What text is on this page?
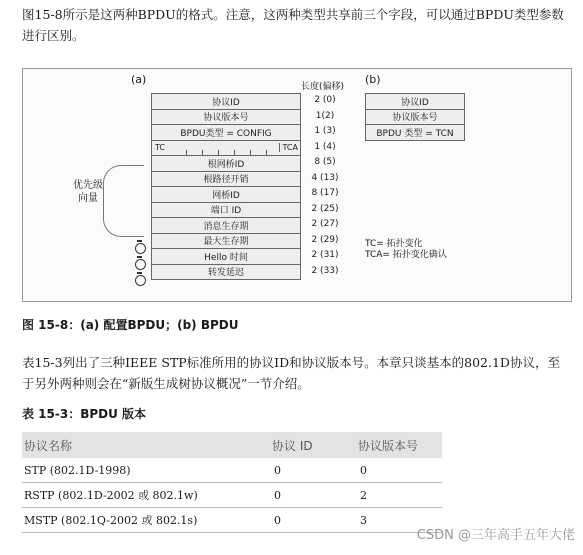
图15-8所示是这两种BPDU的格式。注意，这两种类型共享前三个字段，可以通过BPDU类型参数进行区别。

(a)	(b)
长度(偏移)
优先级
向量
协议ID	2 (0)
协议版本号	1(2)
BPDU类型 = CONFIG	1 (3)
TC	TCA	1 (4)
根网桥ID	8 (5)
根路径开销	4 (13)
网桥ID	8 (17)
端口 ID	2 (25)
消息生存期	2 (27)
最大生存期	2 (29)
Hello 时间	2 (31)
转发延迟	2 (33)
协议ID
协议版本号
BPDU 类型 = TCN
TC= 拓扑变化
TCA= 拓扑变化确认
图 15-8：(a) 配置BPDU；(b) BPDU

表15-3列出了三种IEEE STP标准所用的协议ID和协议版本号。本章只谈基本的802.1D协议，至于另外两种则会在“新版生成树协议概况”一节介绍。

表 15-3：BPDU 版本
协议名称	协议 ID	协议版本号
STP (802.1D-1998)	0	0
RSTP (802.1D-2002 或 802.1w)	0	2
MSTP (802.1Q-2002 或 802.1s)	0	3
CSDN @三年高手五年大佬
